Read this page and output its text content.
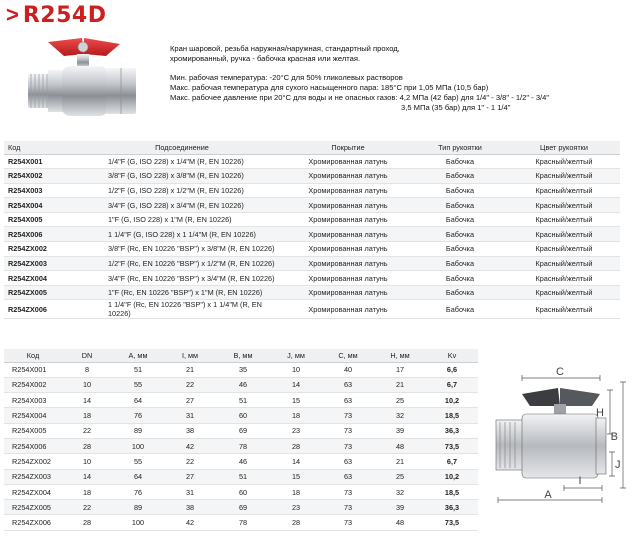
> R254D
Кран шаровой, резьба наружная/наружная, стандартный проход,
хромированный, ручка - бабочка красная или желтая.
Мин. рабочая температура: -20°C для 50% гликолевых растворов
Макс. рабочая температура для сухого насыщенного пара: 185°C при 1,05 МПа (10,5 бар)
Макс. рабочее давление при 20°C для воды и не опасных газов: 4,2 МПа (42 бар) для 1/4" - 3/8" - 1/2" - 3/4"
3,5 МПа (35 бар) для 1" - 1 1/4"
Код	Подсоединение	Покрытие	Тип рукоятки	Цвет рукоятки
R254X001	1/4"F (G, ISO 228) x 1/4"M (R, EN 10226)	Хромированная латунь	Бабочка	Красный/желтый
R254X002	3/8"F (G, ISO 228) x 3/8"M (R, EN 10226)	Хромированная латунь	Бабочка	Красный/желтый
R254X003	1/2"F (G, ISO 228) x 1/2"M (R, EN 10226)	Хромированная латунь	Бабочка	Красный/желтый
R254X004	3/4"F (G, ISO 228) x 3/4"M (R, EN 10226)	Хромированная латунь	Бабочка	Красный/желтый
R254X005	1"F (G, ISO 228) x 1"M (R, EN 10226)	Хромированная латунь	Бабочка	Красный/желтый
R254X006	1 1/4"F (G, ISO 228) x 1 1/4"M (R, EN 10226)	Хромированная латунь	Бабочка	Красный/желтый
R254ZX002	3/8"F (Rc, EN 10226 "BSP") x 3/8"M (R, EN 10226)	Хромированная латунь	Бабочка	Красный/желтый
R254ZX003	1/2"F (Rc, EN 10226 "BSP") x 1/2"M (R, EN 10226)	Хромированная латунь	Бабочка	Красный/желтый
R254ZX004	3/4"F (Rc, EN 10226 "BSP") x 3/4"M (R, EN 10226)	Хромированная латунь	Бабочка	Красный/желтый
R254ZX005	1"F (Rc, EN 10226 "BSP") x 1"M (R, EN 10226)	Хромированная латунь	Бабочка	Красный/желтый
R254ZX006	1 1/4"F (Rc, EN 10226 "BSP") x 1 1/4"M (R, EN 10226)	Хромированная латунь	Бабочка	Красный/желтый
Код	DN	A, мм	I, мм	B, мм	J, мм	C, мм	H, мм	Kv
R254X001	8	51	21	35	10	40	17	6,6
R254X002	10	55	22	46	14	63	21	6,7
R254X003	14	64	27	51	15	63	25	10,2
R254X004	18	76	31	60	18	73	32	18,5
R254X005	22	89	38	69	23	73	39	36,3
R254X006	28	100	42	78	28	73	48	73,5
R254ZX002	10	55	22	46	14	63	21	6,7
R254ZX003	14	64	27	51	15	63	25	10,2
R254ZX004	18	76	31	60	18	73	32	18,5
R254ZX005	22	89	38	69	23	73	39	36,3
R254ZX006	28	100	42	78	28	73	48	73,5
C
H
B
J
I
A
